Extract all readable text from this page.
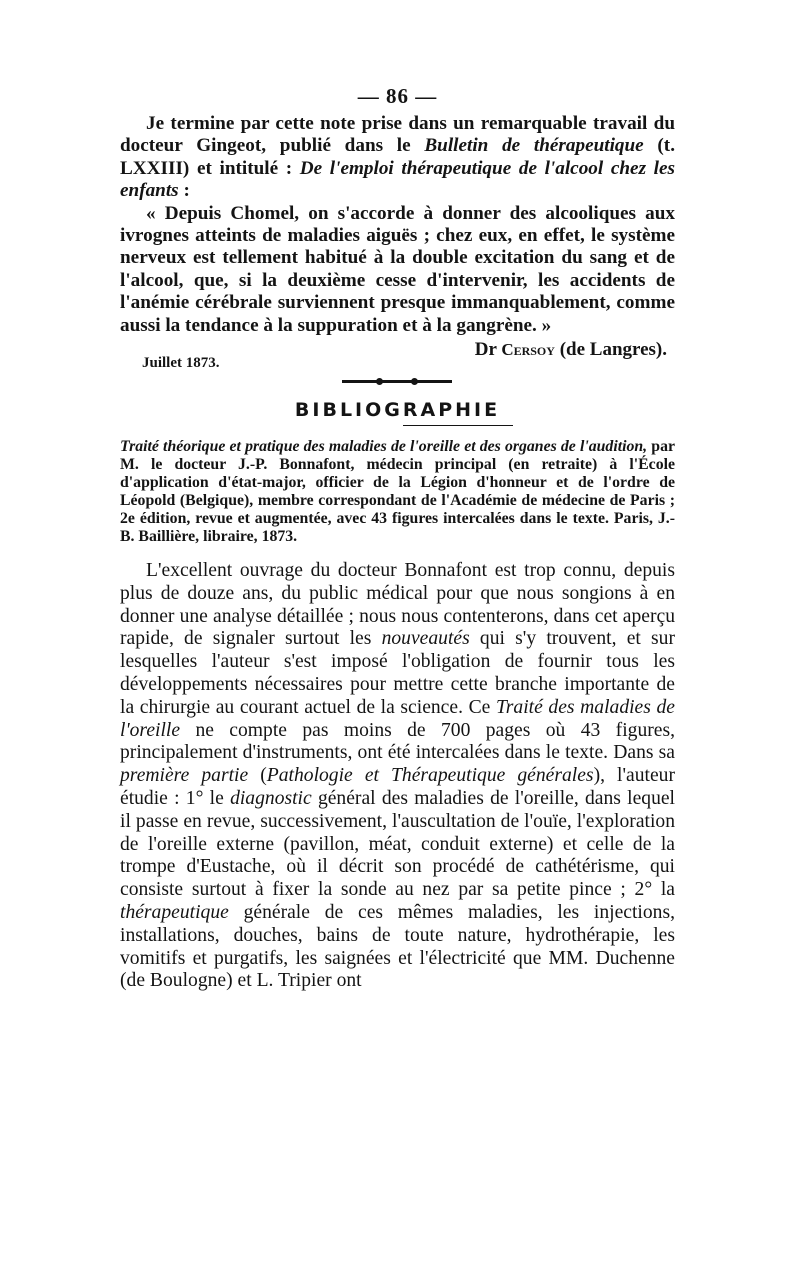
— 86 —

Je termine par cette note prise dans un remarquable travail du docteur Gingeot, publié dans le Bulletin de thérapeutique (t. LXXIII) et intitulé : De l'emploi thérapeutique de l'alcool chez les enfants :
« Depuis Chomel, on s'accorde à donner des alcooliques aux ivrognes atteints de maladies aiguës ; chez eux, en effet, le système nerveux est tellement habitué à la double excitation du sang et de l'alcool, que, si la deuxième cesse d'intervenir, les accidents de l'anémie cérébrale surviennent presque immanquablement, comme aussi la tendance à la suppuration et à la gangrène. »

Dr Cersoy (de Langres).
Juillet 1873.
BIBLIOGRAPHIE

Traité théorique et pratique des maladies de l'oreille et des organes de l'audition, par M. le docteur J.-P. Bonnafont, médecin principal (en retraite) à l'École d'application d'état-major, officier de la Légion d'honneur et de l'ordre de Léopold (Belgique), membre correspondant de l'Académie de médecine de Paris ; 2e édition, revue et augmentée, avec 43 figures intercalées dans le texte. Paris, J.-B. Baillière, libraire, 1873.

L'excellent ouvrage du docteur Bonnafont est trop connu, depuis plus de douze ans, du public médical pour que nous songions à en donner une analyse détaillée ; nous nous contenterons, dans cet aperçu rapide, de signaler surtout les nouveautés qui s'y trouvent, et sur lesquelles l'auteur s'est imposé l'obligation de fournir tous les développements nécessaires pour mettre cette branche importante de la chirurgie au courant actuel de la science. Ce Traité des maladies de l'oreille ne compte pas moins de 700 pages où 43 figures, principalement d'instruments, ont été intercalées dans le texte. Dans sa première partie (Pathologie et Thérapeutique générales), l'auteur étudie : 1° le diagnostic général des maladies de l'oreille, dans lequel il passe en revue, successivement, l'auscultation de l'ouïe, l'exploration de l'oreille externe (pavillon, méat, conduit externe) et celle de la trompe d'Eustache, où il décrit son procédé de cathétérisme, qui consiste surtout à fixer la sonde au nez par sa petite pince ; 2° la thérapeutique générale de ces mêmes maladies, les injections, installations, douches, bains de toute nature, hydrothérapie, les vomitifs et purgatifs, les saignées et l'électricité que MM. Duchenne (de Boulogne) et L. Tripier ont
